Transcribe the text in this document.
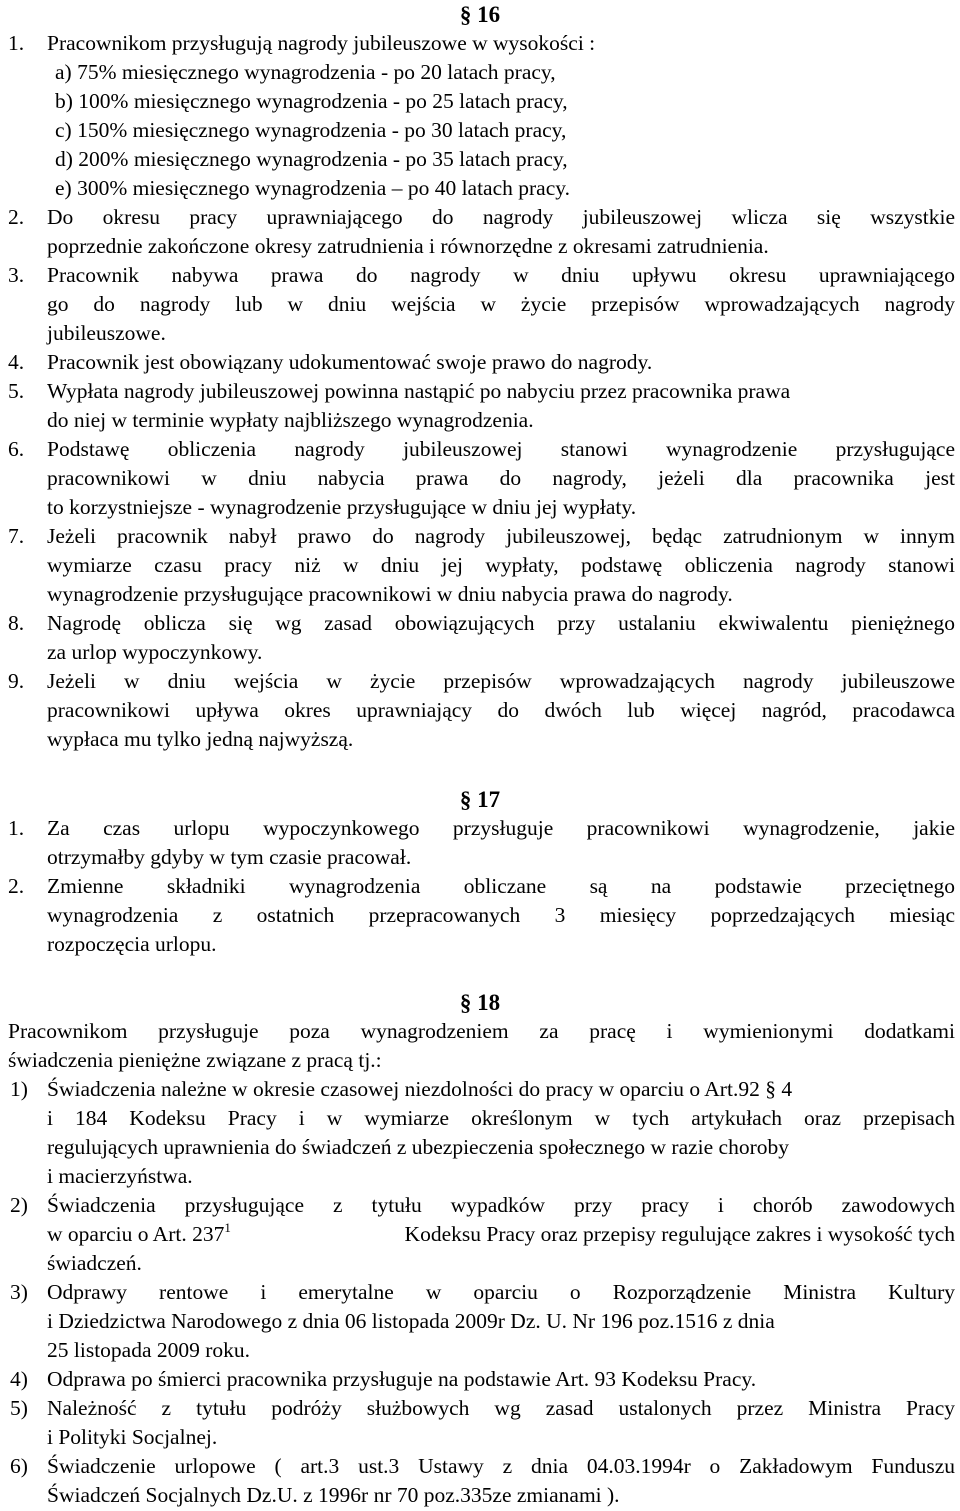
§ 16
1. Pracownikom przysługują nagrody jubileuszowe w wysokości :
a) 75% miesięcznego wynagrodzenia - po 20 latach pracy,
b) 100% miesięcznego wynagrodzenia - po 25 latach pracy,
c) 150% miesięcznego wynagrodzenia - po 30 latach pracy,
d) 200% miesięcznego wynagrodzenia - po 35 latach pracy,
e) 300% miesięcznego wynagrodzenia – po 40 latach pracy.
2. Do okresu pracy uprawniającego do nagrody jubileuszowej wlicza się wszystkie
poprzednie zakończone okresy zatrudnienia i równorzędne z okresami zatrudnienia.
3. Pracownik nabywa prawa do nagrody w dniu upływu okresu uprawniającego
go do nagrody lub w dniu wejścia w życie przepisów wprowadzających nagrody
jubileuszowe.
4. Pracownik jest obowiązany udokumentować swoje prawo do nagrody.
5. Wypłata nagrody jubileuszowej powinna nastąpić po nabyciu przez pracownika prawa
do niej w terminie wypłaty najbliższego wynagrodzenia.
6. Podstawę obliczenia nagrody jubileuszowej stanowi wynagrodzenie przysługujące
pracownikowi w dniu nabycia prawa do nagrody, jeżeli dla pracownika jest
to korzystniejsze - wynagrodzenie przysługujące w dniu jej wypłaty.
7. Jeżeli pracownik nabył prawo do nagrody jubileuszowej, będąc zatrudnionym w innym
wymiarze czasu pracy niż w dniu jej wypłaty, podstawę obliczenia nagrody stanowi
wynagrodzenie przysługujące pracownikowi w dniu nabycia prawa do nagrody.
8. Nagrodę oblicza się wg zasad obowiązujących przy ustalaniu ekwiwalentu pieniężnego
za urlop wypoczynkowy.
9. Jeżeli w dniu wejścia w życie przepisów wprowadzających nagrody jubileuszowe
pracownikowi upływa okres uprawniający do dwóch lub więcej nagród, pracodawca
wypłaca mu tylko jedną najwyższą.
§ 17
1. Za czas urlopu wypoczynkowego przysługuje pracownikowi wynagrodzenie, jakie
otrzymałby gdyby w tym czasie pracował.
2. Zmienne składniki wynagrodzenia obliczane są na podstawie przeciętnego
wynagrodzenia z ostatnich przepracowanych 3 miesięcy poprzedzających miesiąc
rozpoczęcia urlopu.
§ 18
Pracownikom przysługuje poza wynagrodzeniem za pracę i wymienionymi dodatkami
świadczenia pieniężne związane z pracą tj.:
1) Świadczenia należne w okresie czasowej niezdolności do pracy w oparciu o Art.92 § 4
i 184 Kodeksu Pracy i w wymiarze określonym w tych artykułach oraz przepisach
regulujących uprawnienia do świadczeń z ubezpieczenia społecznego w razie choroby
i macierzyństwa.
2) Świadczenia przysługujące z tytułu wypadków przy pracy i chorób zawodowych
w oparciu o Art. $237^1$	Kodeksu Pracy oraz przepisy regulujące zakres i wysokość tych
świadczeń.
3) Odprawy rentowe i emerytalne w oparciu o Rozporządzenie Ministra Kultury
i Dziedzictwa Narodowego z dnia 06 listopada 2009r Dz. U. Nr 196 poz.1516 z dnia
25 listopada 2009 roku.
4) Odprawa po śmierci pracownika przysługuje na podstawie Art. 93 Kodeksu Pracy.
5) Należność z tytułu podróży służbowych wg zasad ustalonych przez Ministra Pracy
i Polityki Socjalnej.
6) Świadczenie urlopowe ( art.3 ust.3 Ustawy z dnia 04.03.1994r o Zakładowym Funduszu
Świadczeń Socjalnych Dz.U. z 1996r nr 70 poz.335ze zmianami ).
